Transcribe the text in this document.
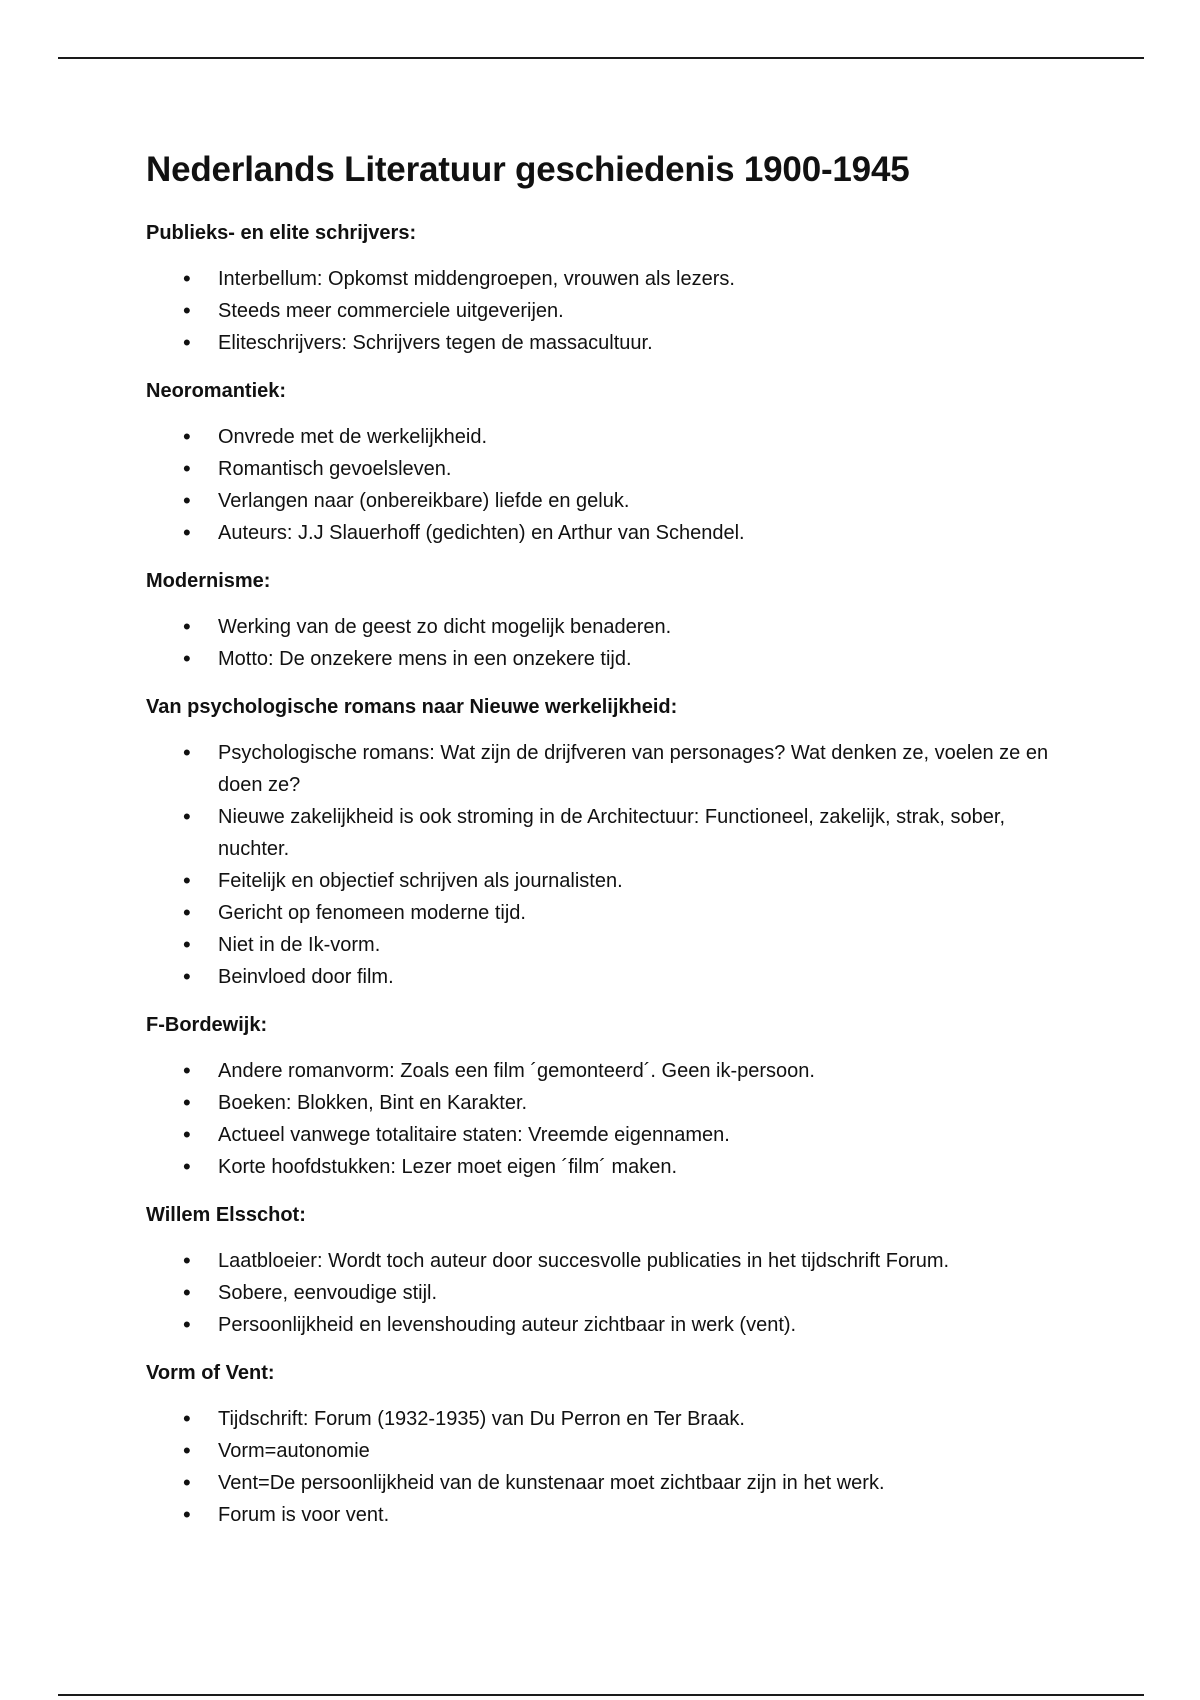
Nederlands Literatuur geschiedenis 1900-1945

Publieks- en elite schrijvers:

• Interbellum: Opkomst middengroepen, vrouwen als lezers.
• Steeds meer commerciele uitgeverijen.
• Eliteschrijvers: Schrijvers tegen de massacultuur.

Neoromantiek:

• Onvrede met de werkelijkheid.
• Romantisch gevoelsleven.
• Verlangen naar (onbereikbare) liefde en geluk.
• Auteurs: J.J Slauerhoff (gedichten) en Arthur van Schendel.

Modernisme:

• Werking van de geest zo dicht mogelijk benaderen.
• Motto: De onzekere mens in een onzekere tijd.

Van psychologische romans naar Nieuwe werkelijkheid:

• Psychologische romans: Wat zijn de drijfveren van personages? Wat denken ze, voelen ze en doen ze?
• Nieuwe zakelijkheid is ook stroming in de Architectuur: Functioneel, zakelijk, strak, sober, nuchter.
• Feitelijk en objectief schrijven als journalisten.
• Gericht op fenomeen moderne tijd.
• Niet in de Ik-vorm.
• Beinvloed door film.

F-Bordewijk:

• Andere romanvorm: Zoals een film ´gemonteerd´. Geen ik-persoon.
• Boeken: Blokken, Bint en Karakter.
• Actueel vanwege totalitaire staten: Vreemde eigennamen.
• Korte hoofdstukken: Lezer moet eigen ´film´ maken.

Willem Elsschot:

• Laatbloeier: Wordt toch auteur door succesvolle publicaties in het tijdschrift Forum.
• Sobere, eenvoudige stijl.
• Persoonlijkheid en levenshouding auteur zichtbaar in werk (vent).

Vorm of Vent:

• Tijdschrift: Forum (1932-1935) van Du Perron en Ter Braak.
• Vorm=autonomie
• Vent=De persoonlijkheid van de kunstenaar moet zichtbaar zijn in het werk.
• Forum is voor vent.
